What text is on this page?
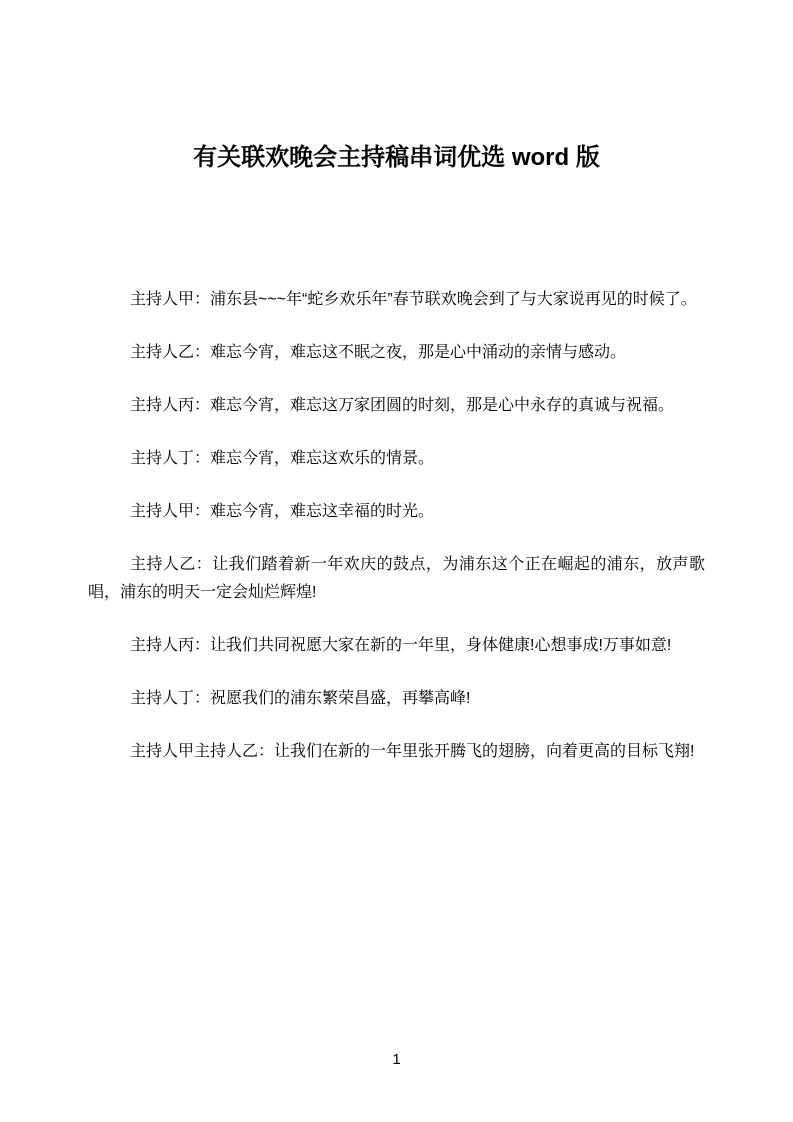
有关联欢晚会主持稿串词优选 word 版

主持人甲：浦东县~~~年“蛇乡欢乐年”春节联欢晚会到了与大家说再见的时候了。

主持人乙：难忘今宵，难忘这不眠之夜，那是心中涌动的亲情与感动。

主持人丙：难忘今宵，难忘这万家团圆的时刻，那是心中永存的真诚与祝福。

主持人丁：难忘今宵，难忘这欢乐的情景。

主持人甲：难忘今宵，难忘这幸福的时光。

主持人乙：让我们踏着新一年欢庆的鼓点，为浦东这个正在崛起的浦东，放声歌唱，浦东的明天一定会灿烂辉煌!

主持人丙：让我们共同祝愿大家在新的一年里，身体健康!心想事成!万事如意!

主持人丁：祝愿我们的浦东繁荣昌盛，再攀高峰!

主持人甲主持人乙：让我们在新的一年里张开腾飞的翅膀，向着更高的目标飞翔!

1
